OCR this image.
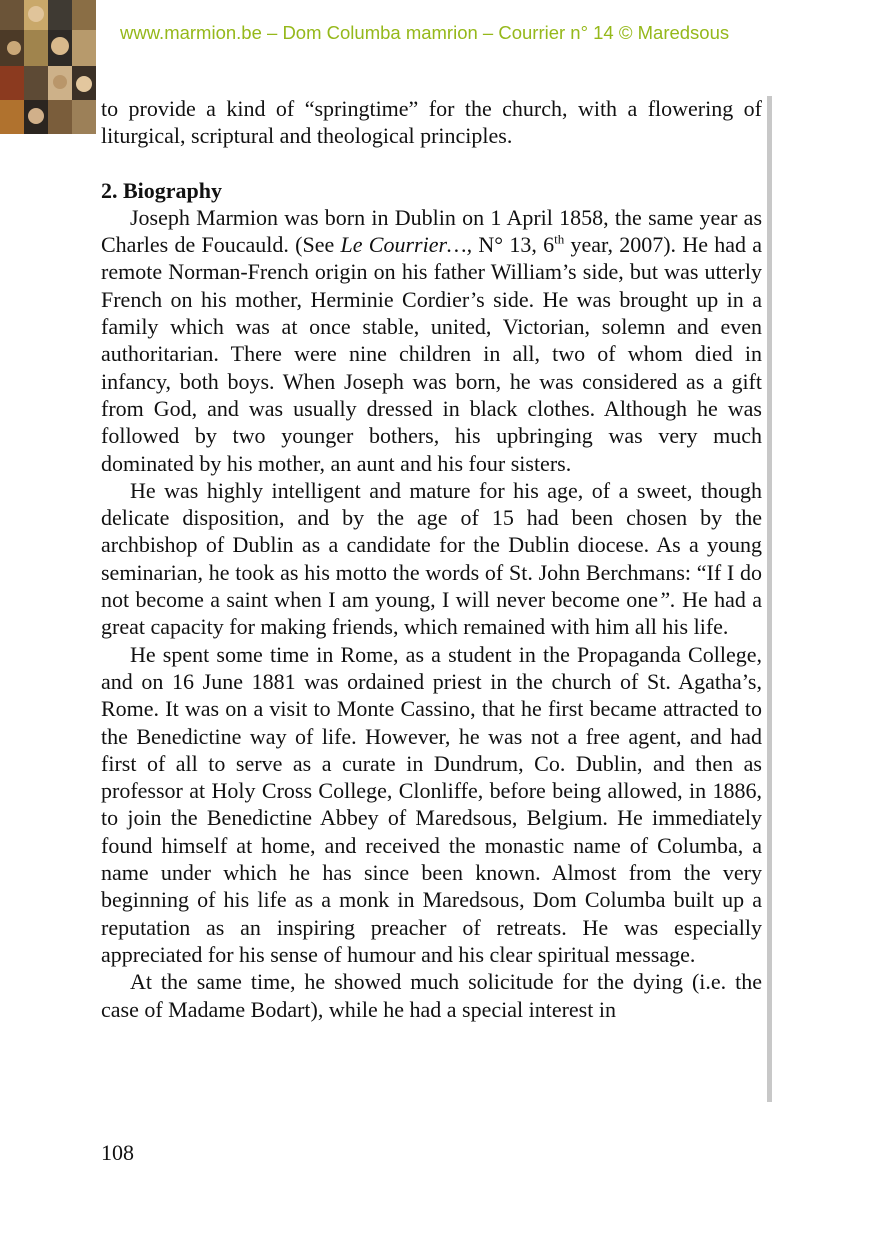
www.marmion.be – Dom Columba mamrion – Courrier n° 14 © Maredsous

to provide a kind of “springtime” for the church, with a flowering of liturgical, scriptural and theological principles.

2. Biography

Joseph Marmion was born in Dublin on 1 April 1858, the same year as Charles de Foucauld. (See Le Courrier…, N° 13, 6th year, 2007). He had a remote Norman-French origin on his father William’s side, but was utterly French on his mother, Herminie Cordier’s side. He was brought up in a family which was at once stable, united, Victorian, solemn and even authoritarian. There were nine children in all, two of whom died in infancy, both boys. When Joseph was born, he was considered as a gift from God, and was usually dressed in black clothes. Although he was followed by two younger bothers, his upbringing was very much dominated by his mother, an aunt and his four sisters.

He was highly intelligent and mature for his age, of a sweet, though delicate disposition, and by the age of 15 had been chosen by the archbishop of Dublin as a candidate for the Dublin diocese. As a young seminarian, he took as his motto the words of St. John Berchmans: “If I do not become a saint when I am young, I will never become one”. He had a great capacity for making friends, which remained with him all his life.

He spent some time in Rome, as a student in the Propaganda College, and on 16 June 1881 was ordained priest in the church of St. Agatha’s, Rome. It was on a visit to Monte Cassino, that he first became attracted to the Benedictine way of life. However, he was not a free agent, and had first of all to serve as a curate in Dundrum, Co. Dublin, and then as professor at Holy Cross College, Clonliffe, before being allowed, in 1886, to join the Benedictine Abbey of Maredsous, Belgium. He immediately found himself at home, and received the monastic name of Columba, a name under which he has since been known. Almost from the very beginning of his life as a monk in Maredsous, Dom Columba built up a reputation as an inspiring preacher of retreats. He was especially appreciated for his sense of humour and his clear spiritual message.

At the same time, he showed much solicitude for the dying (i.e. the case of Madame Bodart), while he had a special interest in

108
